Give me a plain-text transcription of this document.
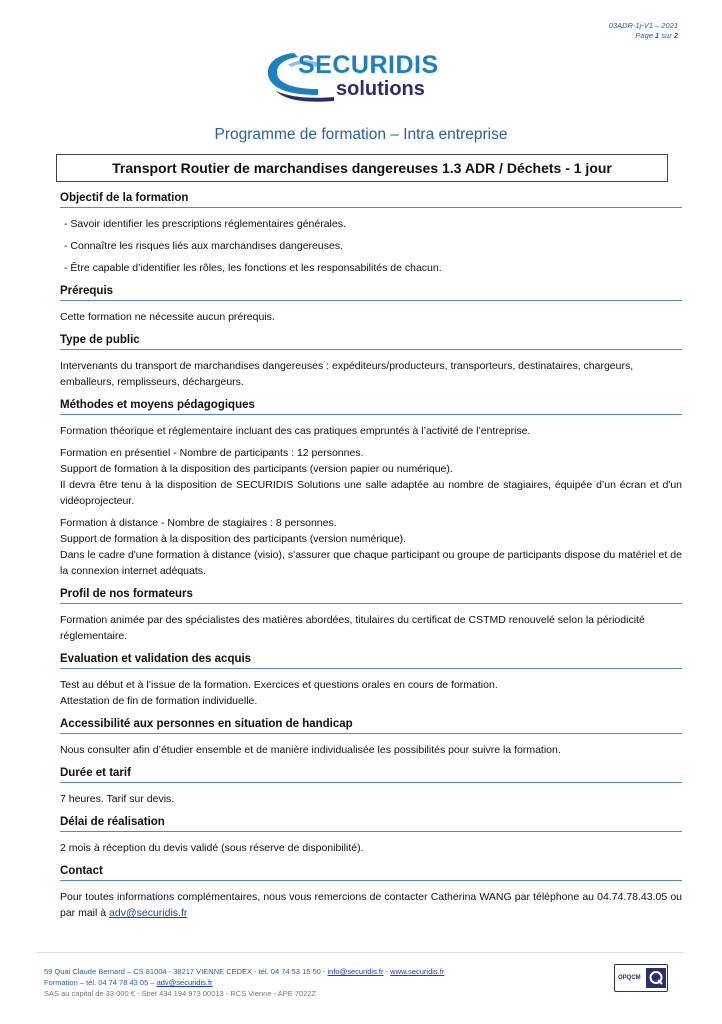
03ADR-1j-V1 – 2021
Page 1 sur 2
SECURIDIS
solutions
Programme de formation – Intra entreprise
Transport Routier de marchandises dangereuses 1.3 ADR / Déchets - 1 jour
Objectif de la formation
- Savoir identifier les prescriptions réglementaires générales.
- Connaître les risques liés aux marchandises dangereuses.
- Être capable d’identifier les rôles, les fonctions et les responsabilités de chacun.
Prérequis

Cette formation ne nécessite aucun prérequis.

Type de public

Intervenants du transport de marchandises dangereuses : expéditeurs/producteurs, transporteurs, destinataires, chargeurs, emballeurs, remplisseurs, déchargeurs.

Méthodes et moyens pédagogiques

Formation théorique et réglementaire incluant des cas pratiques empruntés à l’activité de l’entreprise.

Formation en présentiel - Nombre de participants : 12 personnes.
Support de formation à la disposition des participants (version papier ou numérique).
Il devra être tenu à la disposition de SECURIDIS Solutions une salle adaptée au nombre de stagiaires, équipée d’un écran et d'un vidéoprojecteur.

Formation à distance - Nombre de stagiaires : 8 personnes.
Support de formation à la disposition des participants (version numérique).
Dans le cadre d'une formation à distance (visio), s'assurer que chaque participant ou groupe de participants dispose du matériel et de la connexion internet adéquats.

Profil de nos formateurs

Formation animée par des spécialistes des matières abordées, titulaires du certificat de CSTMD renouvelé selon la périodicité réglementaire.

Evaluation et validation des acquis

Test au début et à l’issue de la formation. Exercices et questions orales en cours de formation.
Attestation de fin de formation individuelle.

Accessibilité aux personnes en situation de handicap

Nous consulter afin d’étudier ensemble et de manière individualisée les possibilités pour suivre la formation.

Durée et tarif

7 heures. Tarif sur devis.

Délai de réalisation

2 mois à réception du devis validé (sous réserve de disponibilité).

Contact

Pour toutes informations complémentaires, nous vous remercions de contacter Catherina WANG par téléphone au 04.74.78.43.05 ou par mail à adv@securidis.fr

59 Quai Claude Bernard – CS 81004 - 38217 VIENNE CEDEX - tél. 04 74 53 15 50 - info@securidis.fr - www.securidis.fr
Formation – tél. 04 74 78 43 05 – adv@securidis.fr
SAS au capital de 33 000 € - Siret 434 194 973 00013 - RCS Vienne - APE 7022Z
OPQCM
